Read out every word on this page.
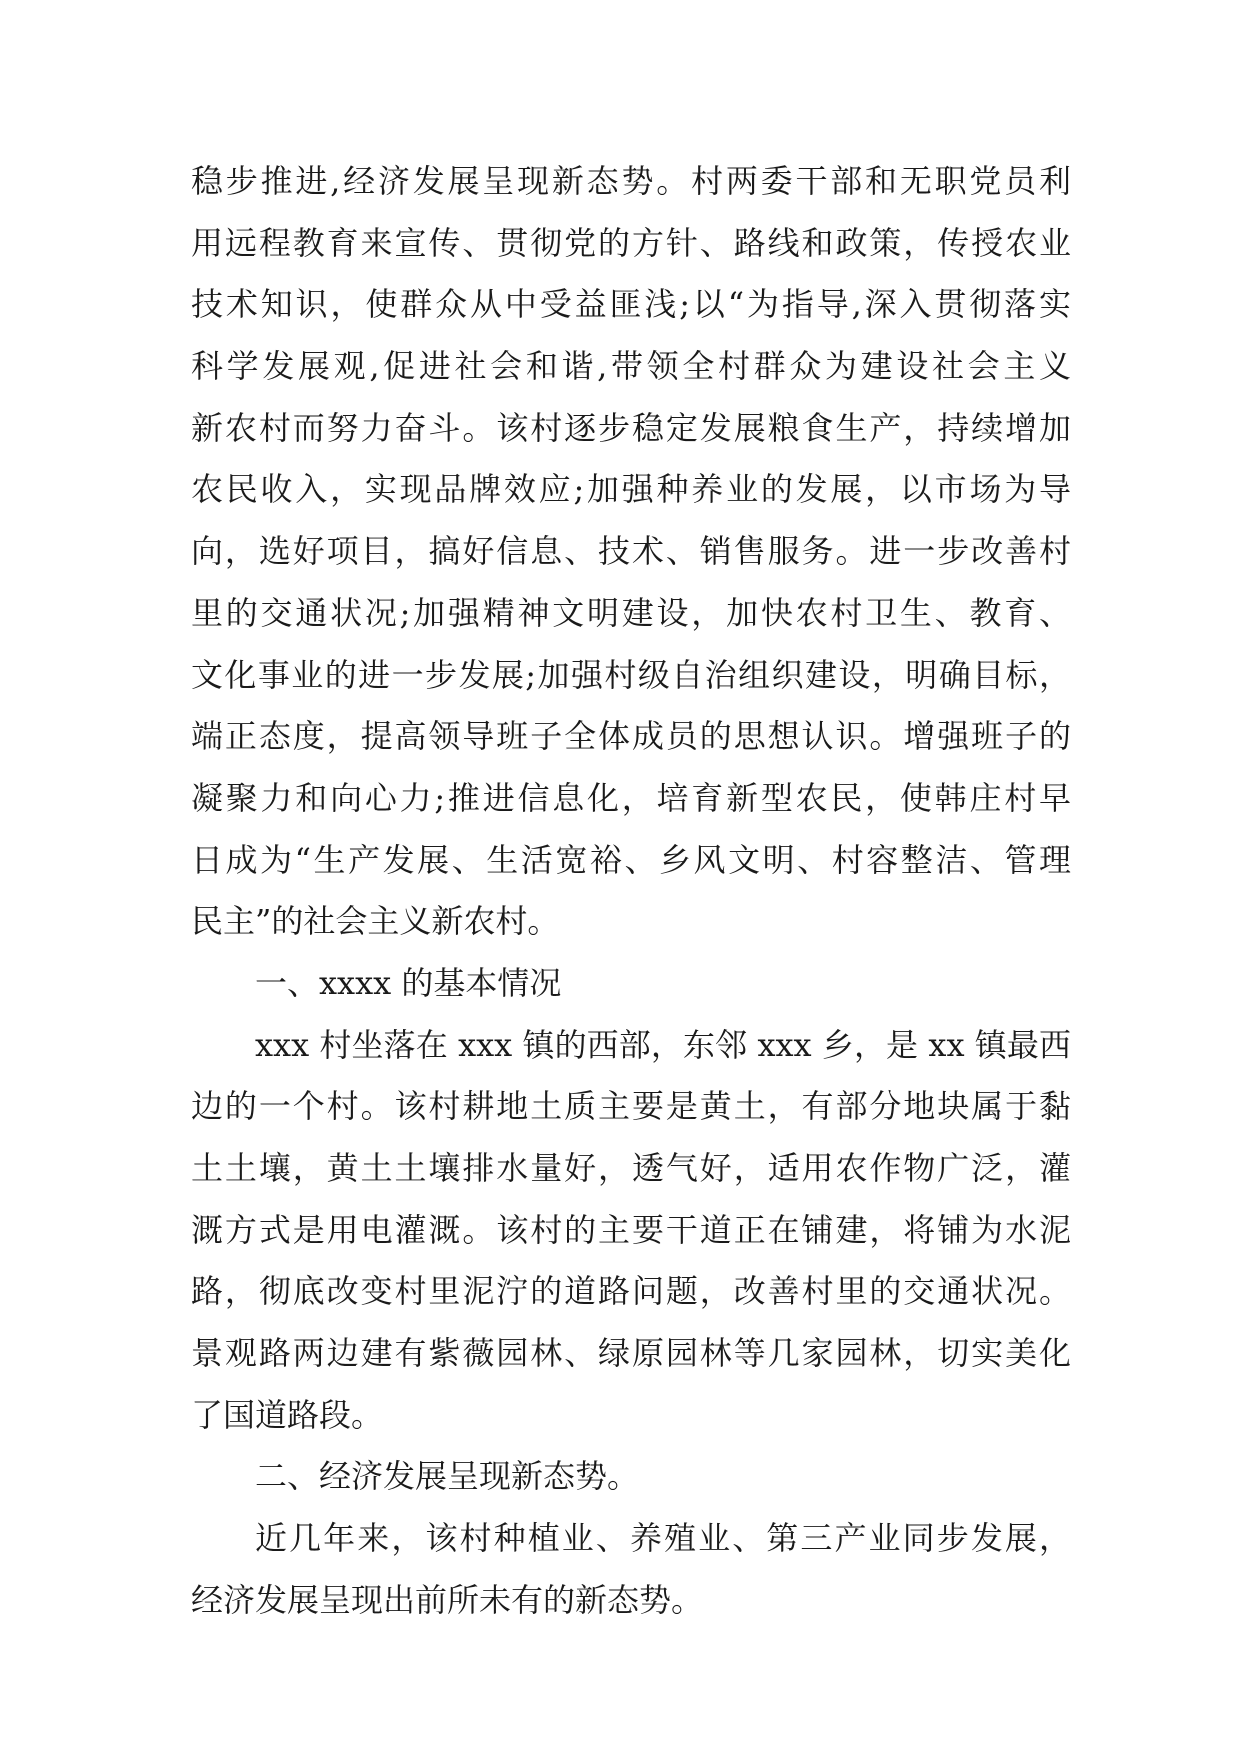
稳步推进,经济发展呈现新态势。村两委干部和无职党员利
用远程教育来宣传、贯彻党的方针、路线和政策，传授农业
技术知识，使群众从中受益匪浅;以“为指导,深入贯彻落实
科学发展观,促进社会和谐,带领全村群众为建设社会主义
新农村而努力奋斗。该村逐步稳定发展粮食生产，持续增加
农民收入，实现品牌效应;加强种养业的发展，以市场为导
向，选好项目，搞好信息、技术、销售服务。进一步改善村
里的交通状况;加强精神文明建设，加快农村卫生、教育、
文化事业的进一步发展;加强村级自治组织建设，明确目标，
端正态度，提高领导班子全体成员的思想认识。增强班子的
凝聚力和向心力;推进信息化，培育新型农民，使韩庄村早
日成为“生产发展、生活宽裕、乡风文明、村容整洁、管理
民主”的社会主义新农村。
一、xxxx 的基本情况
xxx 村坐落在 xxx 镇的西部，东邻 xxx 乡，是 xx 镇最西
边的一个村。该村耕地土质主要是黄土，有部分地块属于黏
土土壤，黄土土壤排水量好，透气好，适用农作物广泛，灌
溉方式是用电灌溉。该村的主要干道正在铺建，将铺为水泥
路，彻底改变村里泥泞的道路问题，改善村里的交通状况。
景观路两边建有紫薇园林、绿原园林等几家园林，切实美化
了国道路段。
二、经济发展呈现新态势。
近几年来，该村种植业、养殖业、第三产业同步发展，
经济发展呈现出前所未有的新态势。
